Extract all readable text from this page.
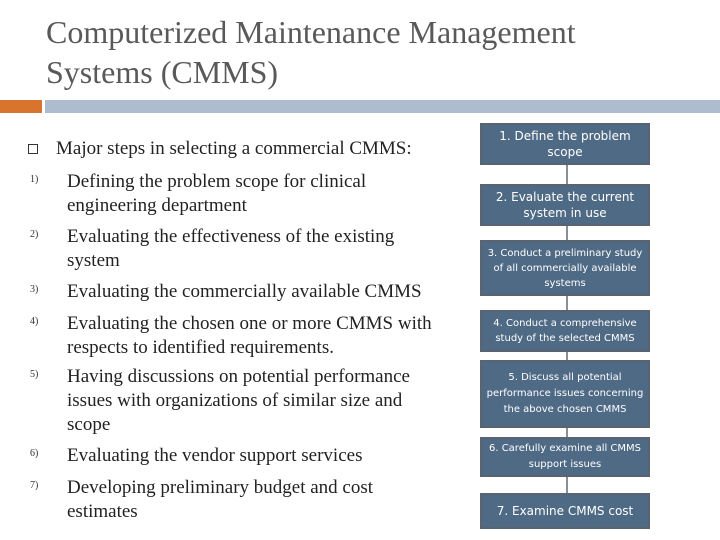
Computerized Maintenance Management Systems (CMMS)
Major steps in selecting a commercial CMMS:
1) Defining the problem scope for clinical engineering department
2) Evaluating the effectiveness of the existing system
3) Evaluating the commercially available CMMS
4) Evaluating the chosen one or more CMMS with respects to identified requirements.
5) Having discussions on potential performance issues with organizations of similar size and scope
6) Evaluating the vendor support services
7) Developing preliminary budget and cost estimates
1. Define the problem scope
2. Evaluate the current system in use
3. Conduct a preliminary study of all commercially available systems
4. Conduct a comprehensive study of the selected CMMS
5. Discuss all potential performance issues concerning the above chosen CMMS
6. Carefully examine all CMMS support issues
7. Examine CMMS cost
